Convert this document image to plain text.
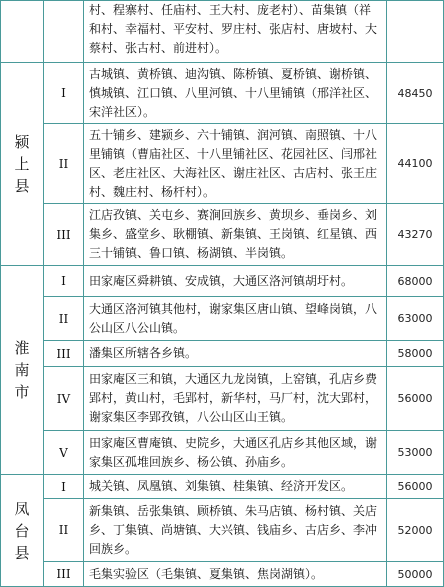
		村、程寨村、任庙村、王大村、庞老村）、苗集镇（祥和村、幸福村、平安村、罗庄村、张店村、唐坡村、大蔡村、张古村、前进村）。	
颍上县	I	古城镇、黄桥镇、迪沟镇、陈桥镇、夏桥镇、谢桥镇、慎城镇、江口镇、八里河镇、十八里铺镇（邢洋社区、宋洋社区）。	48450
	II	五十铺乡、建颍乡、六十铺镇、润河镇、南照镇、十八里铺镇（曹庙社区、十八里铺社区、花园社区、闫邢社区、老庄社区、大海社区、谢庄社区、古店村、张王庄村、魏庄村、杨杆村）。	44100
	III	江店孜镇、关屯乡、赛涧回族乡、黄坝乡、垂岗乡、刘集乡、盛堂乡、耿棚镇、新集镇、王岗镇、红星镇、西三十铺镇、鲁口镇、杨湖镇、半岗镇。	43270
淮南市	I	田家庵区舜耕镇、安成镇，大通区洛河镇胡圩村。	68000
	II	大通区洛河镇其他村，谢家集区唐山镇、望峰岗镇，八公山区八公山镇。	63000
	III	潘集区所辖各乡镇。	58000
	IV	田家庵区三和镇，大通区九龙岗镇，上窑镇，孔店乡费郢村，黄山村，毛郢村，新华村，马厂村，沈大郢村，谢家集区李郢孜镇，八公山区山王镇。	56000
	V	田家庵区曹庵镇、史院乡，大通区孔店乡其他区域，谢家集区孤堆回族乡、杨公镇、孙庙乡。	53000
凤台县	I	城关镇、凤凰镇、刘集镇、桂集镇、经济开发区。	56000
	II	新集镇、岳张集镇、顾桥镇、朱马店镇、杨村镇、关店乡、丁集镇、尚塘镇、大兴镇、钱庙乡、古店乡、李冲回族乡。	52000
	III	毛集实验区（毛集镇、夏集镇、焦岗湖镇）。	50000
